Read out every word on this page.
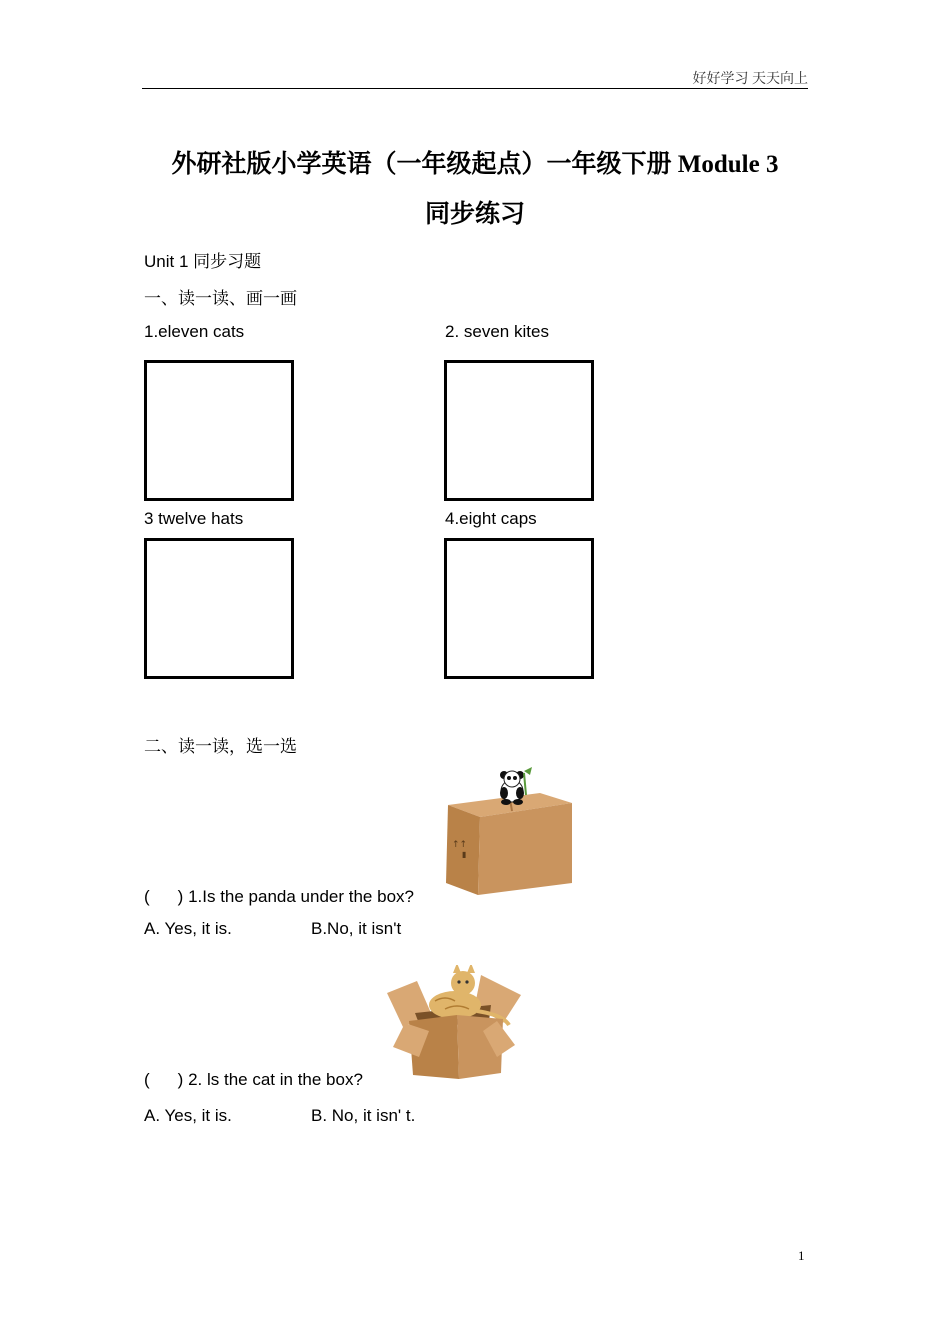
好好学习 天天向上
外研社版小学英语（一年级起点）一年级下册 Module 3
同步练习
Unit 1 同步习题
一、读一读、画一画
1.eleven cats	2. seven kites
3 twelve hats	4.eight caps
二、读一读，选一选
↑↑
▮
( ) 1.Is the panda under the box?
A. Yes, it is.	B.No, it isn't
( ) 2. ls the cat in the box?
A. Yes, it is.	B. No, it isn' t.
1
